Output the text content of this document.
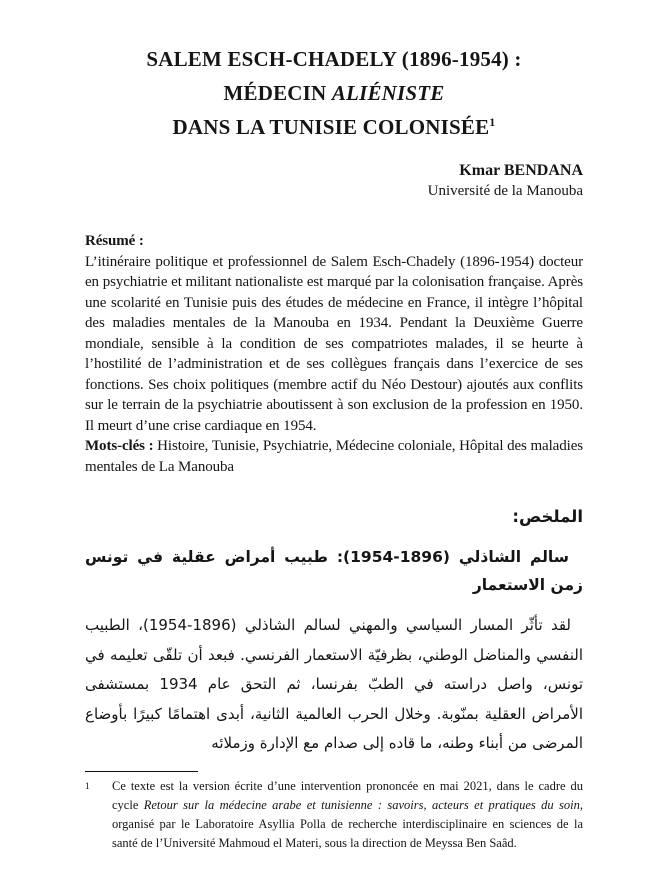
SALEM ESCH-CHADELY (1896-1954) :
MÉDECIN ALIÉNISTE
DANS LA TUNISIE COLONISÉE$^1$
Kmar BENDANA
Université de la Manouba

Résumé :

L’itinéraire politique et professionnel de Salem Esch-Chadely (1896-1954) docteur en psychiatrie et militant nationaliste est marqué par la colonisation française. Après une scolarité en Tunisie puis des études de médecine en France, il intègre l’hôpital des maladies mentales de la Manouba en 1934. Pendant la Deuxième Guerre mondiale, sensible à la condition de ses compatriotes malades, il se heurte à l’hostilité de l’administration et de ses collègues français dans l’exercice de ses fonctions. Ses choix politiques (membre actif du Néo Destour) ajoutés aux conflits sur le terrain de la psychiatrie aboutissent à son exclusion de la profession en 1950. Il meurt d’une crise cardiaque en 1954.

Mots-clés : Histoire, Tunisie, Psychiatrie, Médecine coloniale, Hôpital des maladies mentales de La Manouba

الملخص:

سالم الشاذلي (1896-1954): طبيب أمراض عقلية في تونس زمن الاستعمار

لقد تأثّر المسار السياسي والمهني لسالم الشاذلي (1896-1954)، الطبيب النفسي والمناضل الوطني، بظرفيّة الاستعمار الفرنسي. فبعد أن تلقّى تعليمه في تونس، واصل دراسته في الطبّ بفرنسا، ثم التحق عام 1934 بمستشفى الأمراض العقلية بمنّوبة. وخلال الحرب العالمية الثانية، أبدى اهتمامًا كبيرًا بأوضاع المرضى من أبناء وطنه، ما قاده إلى صدام مع الإدارة وزملائه

1	Ce texte est la version écrite d’une intervention prononcée en mai 2021, dans le cadre du cycle Retour sur la médecine arabe et tunisienne : savoirs, acteurs et pratiques du soin, organisé par le Laboratoire Asyllia Polla de recherche interdisciplinaire en sciences de la santé de l’Université Mahmoud el Materi, sous la direction de Meyssa Ben Saâd.
